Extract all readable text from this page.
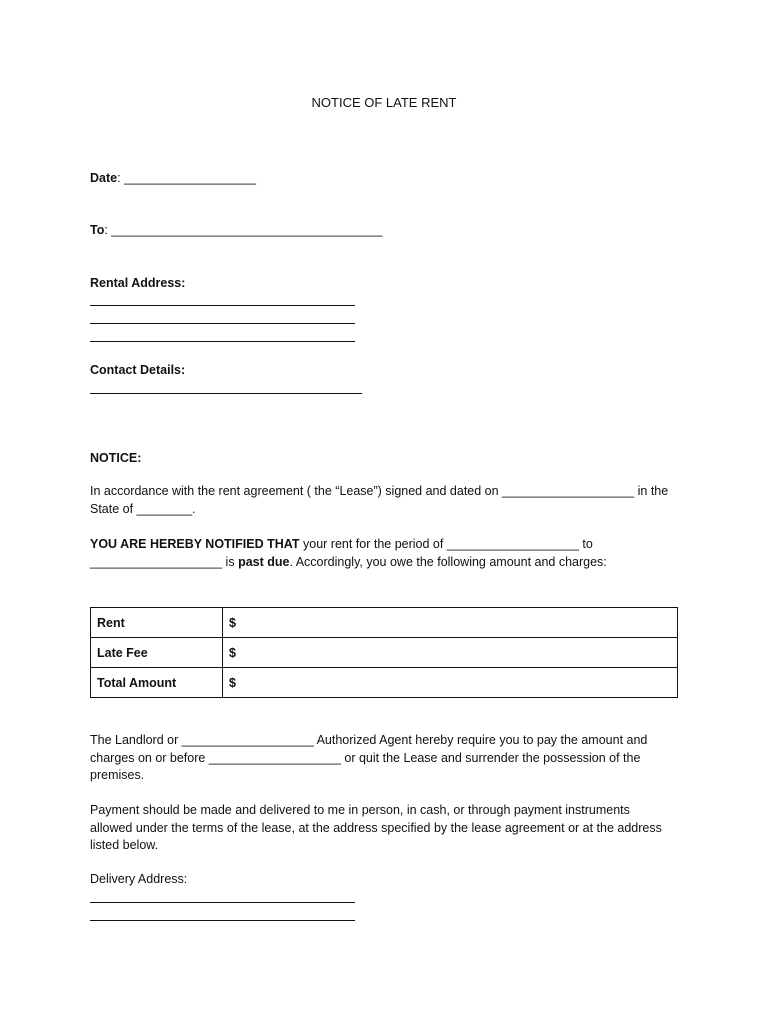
NOTICE OF LATE RENT
Date: ___________________
To: _______________________________________
Rental Address:
Contact Details:
NOTICE:
In accordance with the rent agreement ( the “Lease”) signed and dated on ___________________ in the
State of ________.
YOU ARE HEREBY NOTIFIED THAT your rent for the period of ___________________ to
___________________ is past due. Accordingly, you owe the following amount and charges:
Rent	$
Late Fee	$
Total Amount	$
The Landlord or ___________________ Authorized Agent hereby require you to pay the amount and
charges on or before ___________________ or quit the Lease and surrender the possession of the
premises.
Payment should be made and delivered to me in person, in cash, or through payment instruments
allowed under the terms of the lease, at the address specified by the lease agreement or at the address
listed below.
Delivery Address:
